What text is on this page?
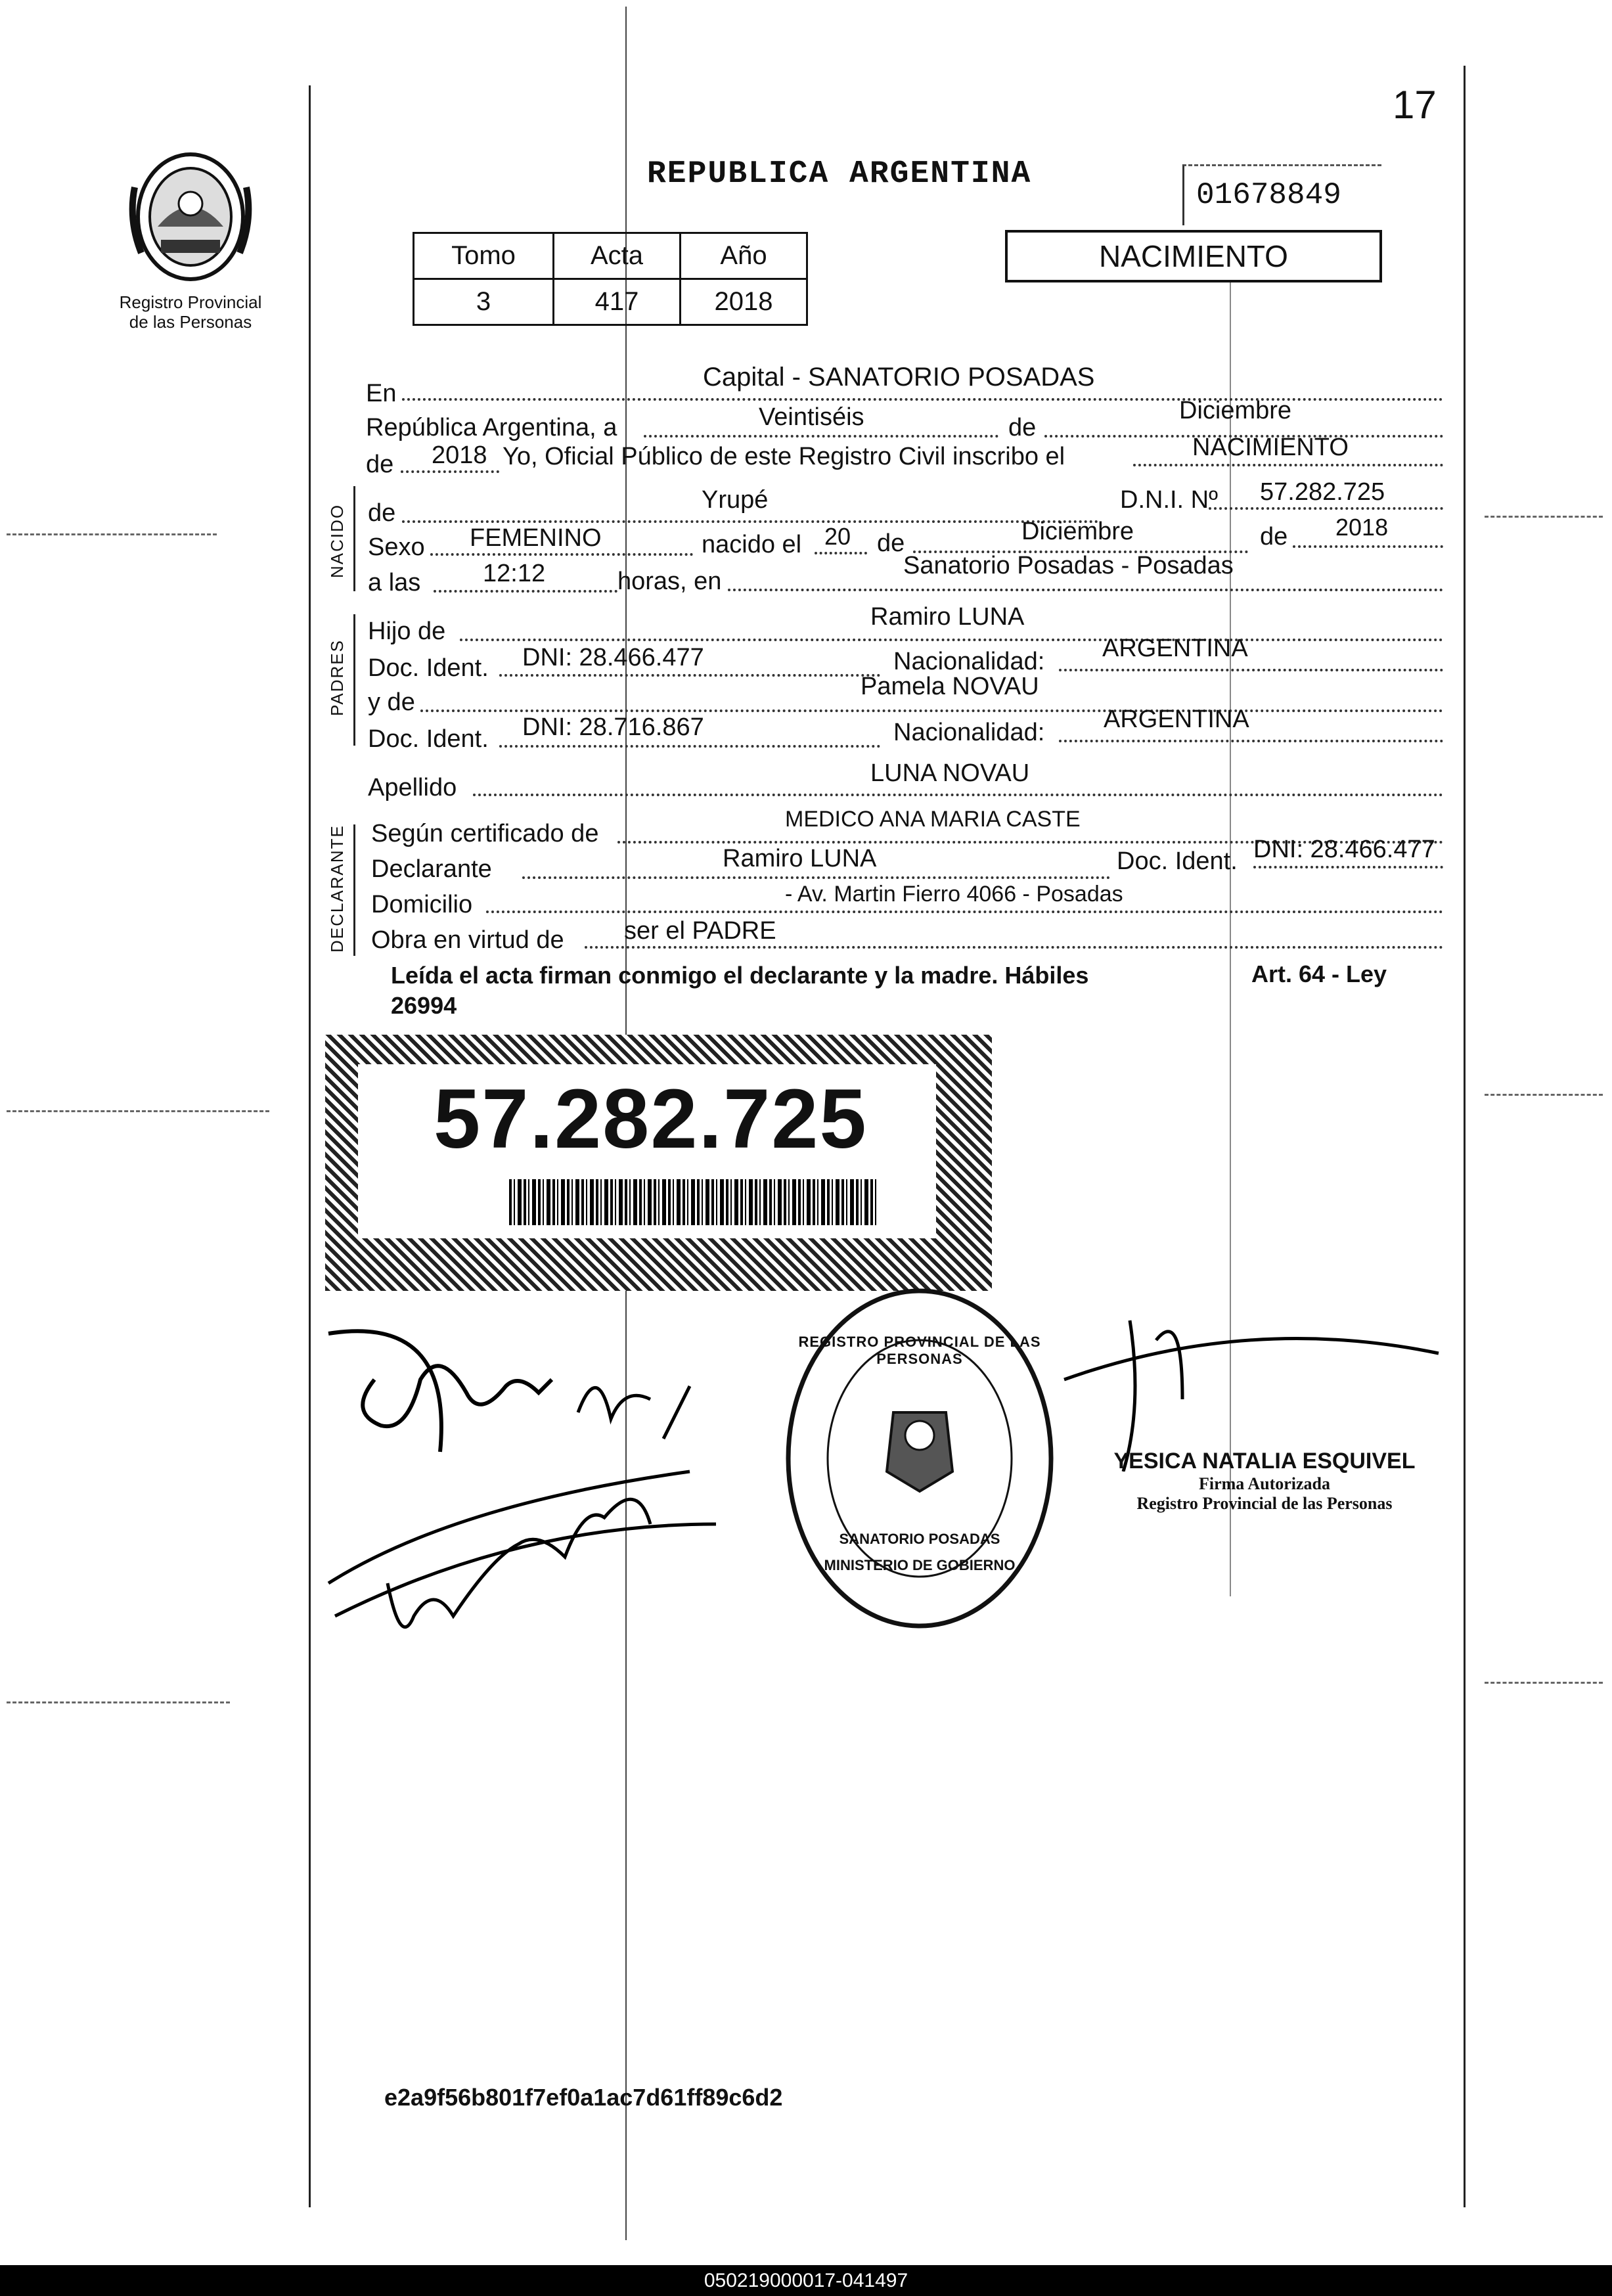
17
Registro Provincial
de las Personas
REPUBLICA ARGENTINA
01678849
Tomo	Acta	Año
3	417	2018
NACIMIENTO
En
Capital - SANATORIO POSADAS
República Argentina, a	Veintiséis	de
Diciembre
de 2018 Yo, Oficial Público de este Registro Civil inscribo el	NACIMIENTO
NACIDO de	Yrupé	D.N.I. Nº 57.282.725
Sexo FEMENINO	nacido el 20 de	Diciembre	de 2018
a las 12:12	horas, en
Sanatorio Posadas - Posadas
PADRES
Hijo de
Ramiro LUNA
Doc. Ident. DNI: 28.466.477	Nacionalidad: ARGENTINA
y de
Pamela NOVAU
Doc. Ident. DNI: 28.716.867	Nacionalidad: ARGENTINA
Apellido
LUNA NOVAU
DECLARANTE Según certificado de
MEDICO ANA MARIA CASTE
Declarante	Ramiro LUNA	Doc. Ident. DNI: 28.466.477
Domicilio	- Av. Martin Fierro 4066 - Posadas
Obra en virtud de ser el PADRE
Leída el acta firman conmigo el declarante y la madre. Hábiles
26994
Art. 64 - Ley
57.282.725
REGISTRO PROVINCIAL DE LAS PERSONAS
SANATORIO POSADAS
MINISTERIO DE GOBIERNO
YESICA NATALIA ESQUIVEL
Firma Autorizada
Registro Provincial de las Personas
e2a9f56b801f7ef0a1ac7d61ff89c6d2
050219000017-041497
